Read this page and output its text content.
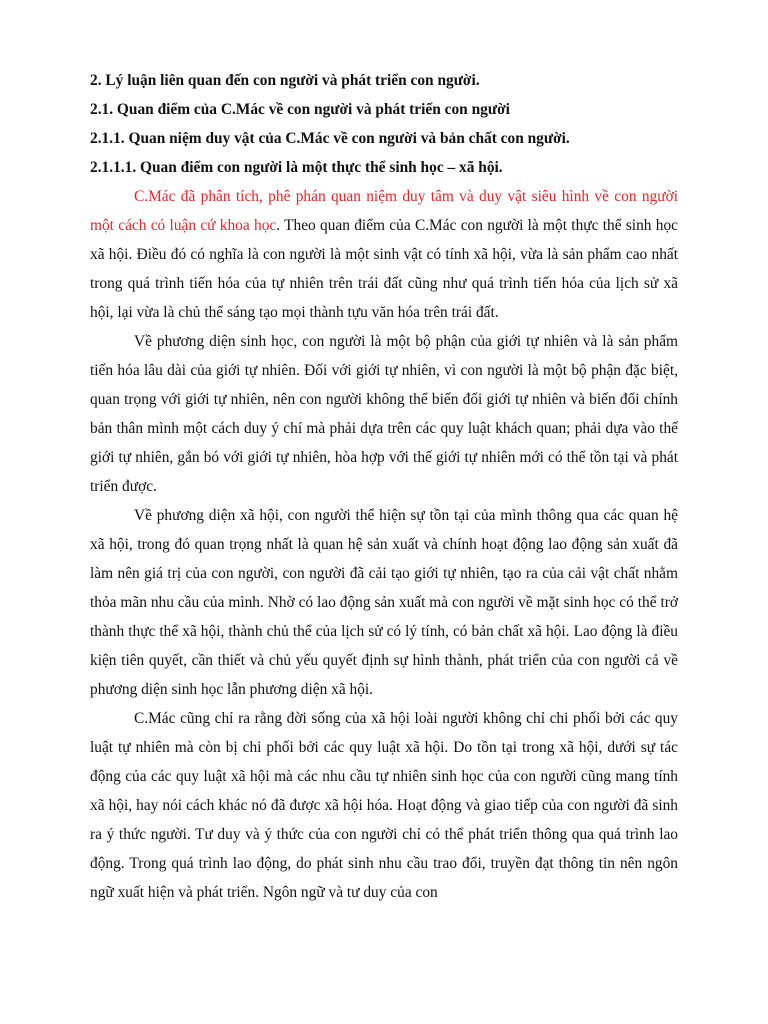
2. Lý luận liên quan đến con người và phát triển con người.

2.1. Quan điểm của C.Mác về con người và phát triển con người

2.1.1. Quan niệm duy vật của C.Mác về con người và bản chất con người.

2.1.1.1. Quan điểm con người là một thực thể sinh học – xã hội.

C.Mác đã phân tích, phê phán quan niệm duy tâm và duy vật siêu hình về con người một cách có luận cứ khoa học. Theo quan điểm của C.Mác con người là một thực thể sinh học xã hội. Điều đó có nghĩa là con người là một sinh vật có tính xã hội, vừa là sản phẩm cao nhất trong quá trình tiến hóa của tự nhiên trên trái đất cũng như quá trình tiến hóa của lịch sử xã hội, lại vừa là chủ thể sáng tạo mọi thành tựu văn hóa trên trái đất.

Về phương diện sinh học, con người là một bộ phận của giới tự nhiên và là sản phẩm tiến hóa lâu dài của giới tự nhiên. Đối với giới tự nhiên, vì con người là một bộ phận đặc biệt, quan trọng với giới tự nhiên, nên con người không thể biến đổi giới tự nhiên và biến đổi chính bản thân mình một cách duy ý chí mà phải dựa trên các quy luật khách quan; phải dựa vào thế giới tự nhiên, gắn bó với giới tự nhiên, hòa hợp với thế giới tự nhiên mới có thể tồn tại và phát triển được.

Về phương diện xã hội, con người thể hiện sự tồn tại của mình thông qua các quan hệ xã hội, trong đó quan trọng nhất là quan hệ sản xuất và chính hoạt động lao động sản xuất đã làm nên giá trị của con người, con người đã cải tạo giới tự nhiên, tạo ra của cải vật chất nhằm thỏa mãn nhu cầu của mình. Nhờ có lao động sản xuất mà con người về mặt sinh học có thể trở thành thực thể xã hội, thành chủ thể của lịch sử có lý tính, có bản chất xã hội. Lao động là điều kiện tiên quyết, cần thiết và chủ yếu quyết định sự hình thành, phát triển của con người cả về phương diện sinh học lẫn phương diện xã hội.

C.Mác cũng chỉ ra rằng đời sống của xã hội loài người không chỉ chi phối bởi các quy luật tự nhiên mà còn bị chi phối bởi các quy luật xã hội. Do tồn tại trong xã hội, dưới sự tác động của các quy luật xã hội mà các nhu cầu tự nhiên sinh học của con người cũng mang tính xã hội, hay nói cách khác nó đã được xã hội hóa. Hoạt động và giao tiếp của con người đã sinh ra ý thức người. Tư duy và ý thức của con người chỉ có thể phát triển thông qua quá trình lao động. Trong quá trình lao động, do phát sinh nhu cầu trao đổi, truyền đạt thông tin nên ngôn ngữ xuất hiện và phát triển. Ngôn ngữ và tư duy của con
